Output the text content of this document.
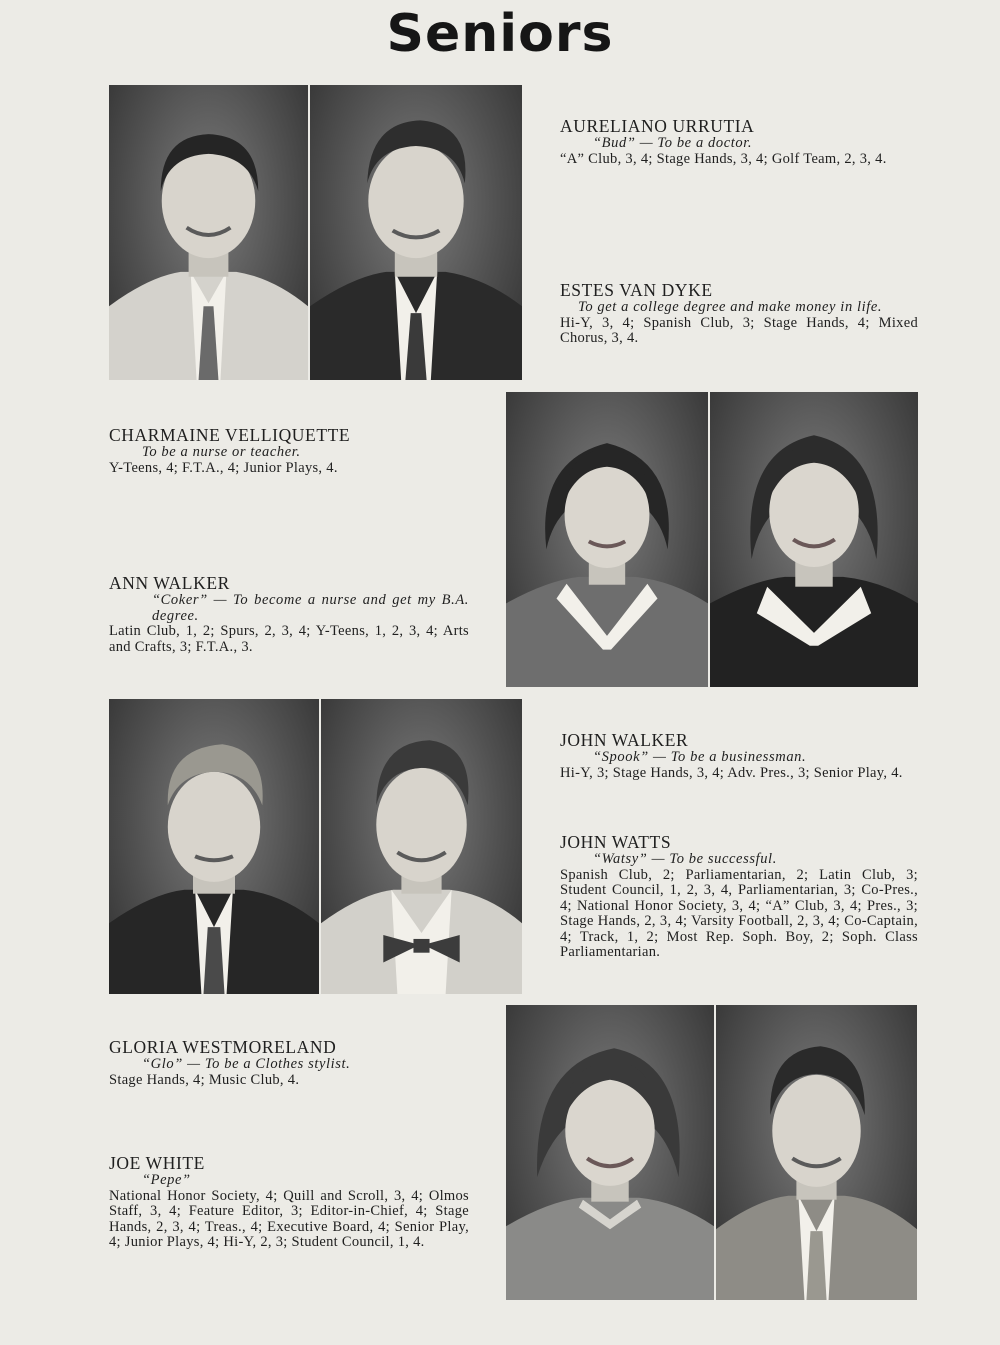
Seniors
AURELIANO URRUTIA
“Bud” — To be a doctor.
“A” Club, 3, 4; Stage Hands, 3, 4; Golf Team, 2, 3, 4.
ESTES VAN DYKE
To get a college degree and make money in life.
Hi-Y, 3, 4; Spanish Club, 3; Stage Hands, 4; Mixed Chorus, 3, 4.
CHARMAINE VELLIQUETTE
To be a nurse or teacher.
Y-Teens, 4; F.T.A., 4; Junior Plays, 4.
ANN WALKER
“Coker” — To become a nurse and get my B.A. degree.
Latin Club, 1, 2; Spurs, 2, 3, 4; Y-Teens, 1, 2, 3, 4; Arts and Crafts, 3; F.T.A., 3.
JOHN WALKER
“Spook” — To be a businessman.
Hi-Y, 3; Stage Hands, 3, 4; Adv. Pres., 3; Senior Play, 4.
JOHN WATTS
“Watsy” — To be successful.
Spanish Club, 2; Parliamentarian, 2; Latin Club, 3; Student Council, 1, 2, 3, 4, Parliamentarian, 3; Co-Pres., 4; National Honor Society, 3, 4; “A” Club, 3, 4; Pres., 3; Stage Hands, 2, 3, 4; Varsity Football, 2, 3, 4; Co-Captain, 4; Track, 1, 2; Most Rep. Soph. Boy, 2; Soph. Class Parliamentarian.
GLORIA WESTMORELAND
“Glo” — To be a Clothes stylist.
Stage Hands, 4; Music Club, 4.
JOE WHITE
“Pepe”
National Honor Society, 4; Quill and Scroll, 3, 4; Olmos Staff, 3, 4; Feature Editor, 3; Editor-in-Chief, 4; Stage Hands, 2, 3, 4; Treas., 4; Executive Board, 4; Senior Play, 4; Junior Plays, 4; Hi-Y, 2, 3; Student Council, 1, 4.
